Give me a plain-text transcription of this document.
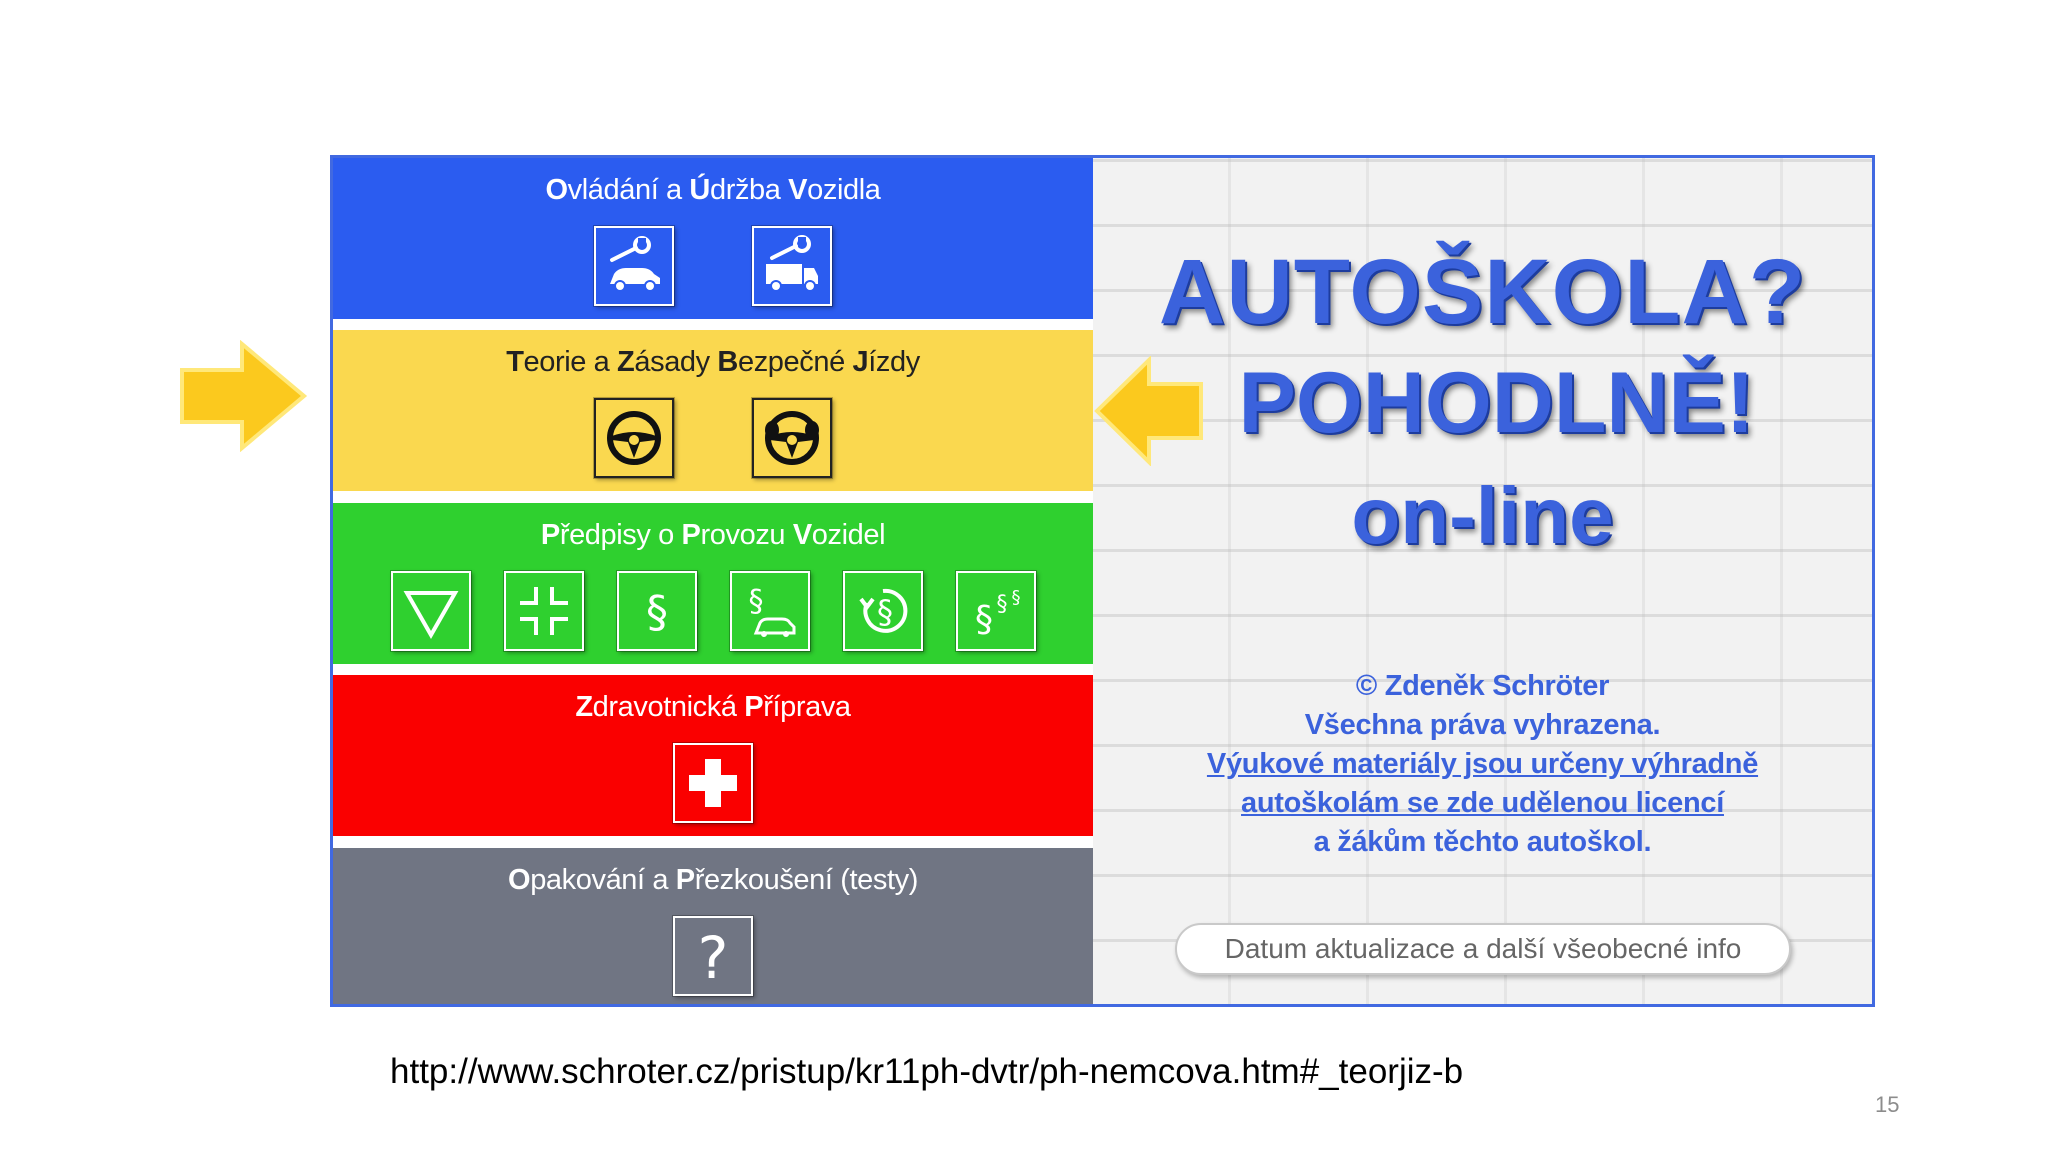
Ovládání a Údržba Vozidla
Teorie a Zásady Bezpečné Jízdy
Předpisy o Provozu Vozidel
§	§	§ § § §
Zdravotnická Příprava
Opakování a Přezkoušení (testy)
?
AUTOŠKOLA?
POHODLNĚ!
on-line
© Zdeněk Schröter
Všechna práva vyhrazena.
Výukové materiály jsou určeny výhradně
autoškolám se zde udělenou licencí
a žákům těchto autoškol.
Datum aktualizace a další všeobecné info
http://www.schroter.cz/pristup/kr11ph-dvtr/ph-nemcova.htm#_teorjiz-b
15
